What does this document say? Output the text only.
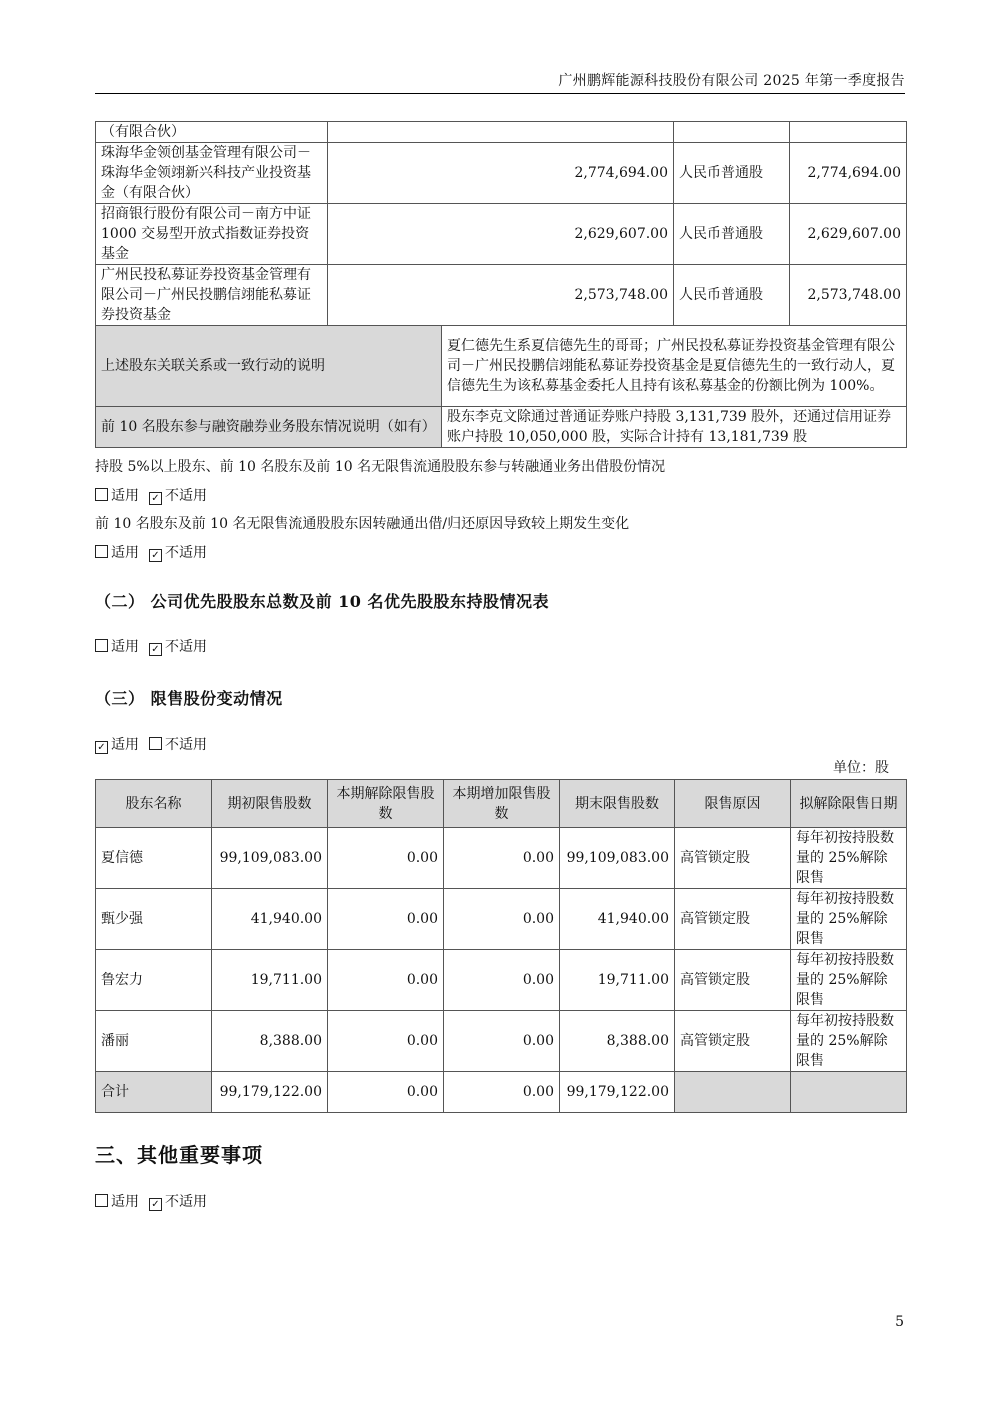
广州鹏辉能源科技股份有限公司 2025 年第一季度报告
（有限合伙）				
珠海华金领创基金管理有限公司－珠海华金领翊新兴科技产业投资基金（有限合伙）	2,774,694.00		人民币普通股	2,774,694.00
招商银行股份有限公司－南方中证 1000 交易型开放式指数证券投资基金	2,629,607.00		人民币普通股	2,629,607.00
广州民投私募证券投资基金管理有限公司－广州民投鹏信翊能私募证券投资基金	2,573,748.00		人民币普通股	2,573,748.00
上述股东关联关系或一致行动的说明		夏仁德先生系夏信德先生的哥哥；广州民投私募证券投资基金管理有限公司－广州民投鹏信翊能私募证券投资基金是夏信德先生的一致行动人，夏信德先生为该私募基金委托人且持有该私募基金的份额比例为 100%。		
前 10 名股东参与融资融券业务股东情况说明（如有）		股东李克文除通过普通证券账户持股 3,131,739 股外，还通过信用证券账户持股 10,050,000 股，实际合计持有 13,181,739 股		
持股 5%以上股东、前 10 名股东及前 10 名无限售流通股股东参与转融通业务出借股份情况
适用 ✓ 不适用
前 10 名股东及前 10 名无限售流通股股东因转融通出借/归还原因导致较上期发生变化
适用 ✓ 不适用
（二） 公司优先股股东总数及前 10 名优先股股东持股情况表
适用 ✓ 不适用
（三） 限售股份变动情况
✓ 适用 不适用
单位：股
股东名称	期初限售股数	本期解除限售股数	本期增加限售股数	期末限售股数	限售原因	拟解除限售日期
夏信德	99,109,083.00	0.00	0.00	99,109,083.00	高管锁定股	每年初按持股数量的 25%解除限售
甄少强	41,940.00	0.00	0.00	41,940.00	高管锁定股	每年初按持股数量的 25%解除限售
鲁宏力	19,711.00	0.00	0.00	19,711.00	高管锁定股	每年初按持股数量的 25%解除限售
潘丽	8,388.00	0.00	0.00	8,388.00	高管锁定股	每年初按持股数量的 25%解除限售
合计	99,179,122.00	0.00	0.00	99,179,122.00		
三、其他重要事项
适用 ✓ 不适用
5
